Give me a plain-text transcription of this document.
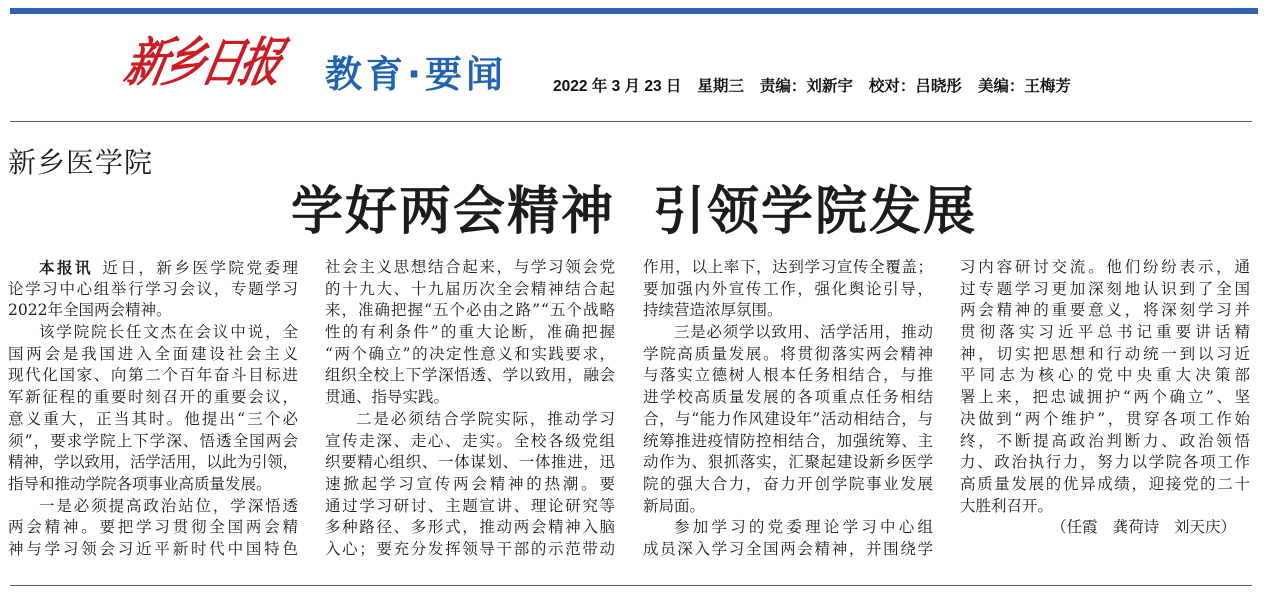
新乡日报 教育·要闻	2022 年 3 月 23 日 星期三 责编：刘新宇 校对：吕晓彤 美编：王梅芳
新乡医学院
学好两会精神 引领学院发展
本报讯 近日，新乡医学院党委理
论学习中心组举行学习会议，专题学习
2022年全国两会精神。
该学院院长任文杰在会议中说，全
国两会是我国进入全面建设社会主义
现代化国家、向第二个百年奋斗目标进
军新征程的重要时刻召开的重要会议，
意义重大，正当其时。他提出“三个必
须”，要求学院上下学深、悟透全国两会
精神，学以致用，活学活用，以此为引领，
指导和推动学院各项事业高质量发展。
一是必须提高政治站位，学深悟透
两会精神。要把学习贯彻全国两会精
神与学习领会习近平新时代中国特色
社会主义思想结合起来，与学习领会党
的十九大、十九届历次全会精神结合起
来，准确把握“五个必由之路”“五个战略
性的有利条件”的重大论断，准确把握
“两个确立”的决定性意义和实践要求，
组织全校上下学深悟透、学以致用，融会
贯通、指导实践。
二是必须结合学院实际，推动学习
宣传走深、走心、走实。全校各级党组
织要精心组织、一体谋划、一体推进，迅
速掀起学习宣传两会精神的热潮。要
通过学习研讨、主题宣讲、理论研究等
多种路径、多形式，推动两会精神入脑
入心；要充分发挥领导干部的示范带动
作用，以上率下，达到学习宣传全覆盖；
要加强内外宣传工作，强化舆论引导，
持续营造浓厚氛围。
三是必须学以致用、活学活用，推动
学院高质量发展。将贯彻落实两会精神
与落实立德树人根本任务相结合，与推
进学校高质量发展的各项重点任务相结
合，与“能力作风建设年”活动相结合，与
统筹推进疫情防控相结合，加强统筹、主
动作为、狠抓落实，汇聚起建设新乡医学
院的强大合力，奋力开创学院事业发展
新局面。
参加学习的党委理论学习中心组
成员深入学习全国两会精神，并围绕学
习内容研讨交流。他们纷纷表示，通
过专题学习更加深刻地认识到了全国
两会精神的重要意义，将深刻学习并
贯彻落实习近平总书记重要讲话精
神，切实把思想和行动统一到以习近
平同志为核心的党中央重大决策部
署上来，把忠诚拥护“两个确立”、坚
决做到“两个维护”，贯穿各项工作始
终，不断提高政治判断力、政治领悟
力、政治执行力，努力以学院各项工作
高质量发展的优异成绩，迎接党的二十
大胜利召开。
（任霞 龚荷诗 刘天庆）
